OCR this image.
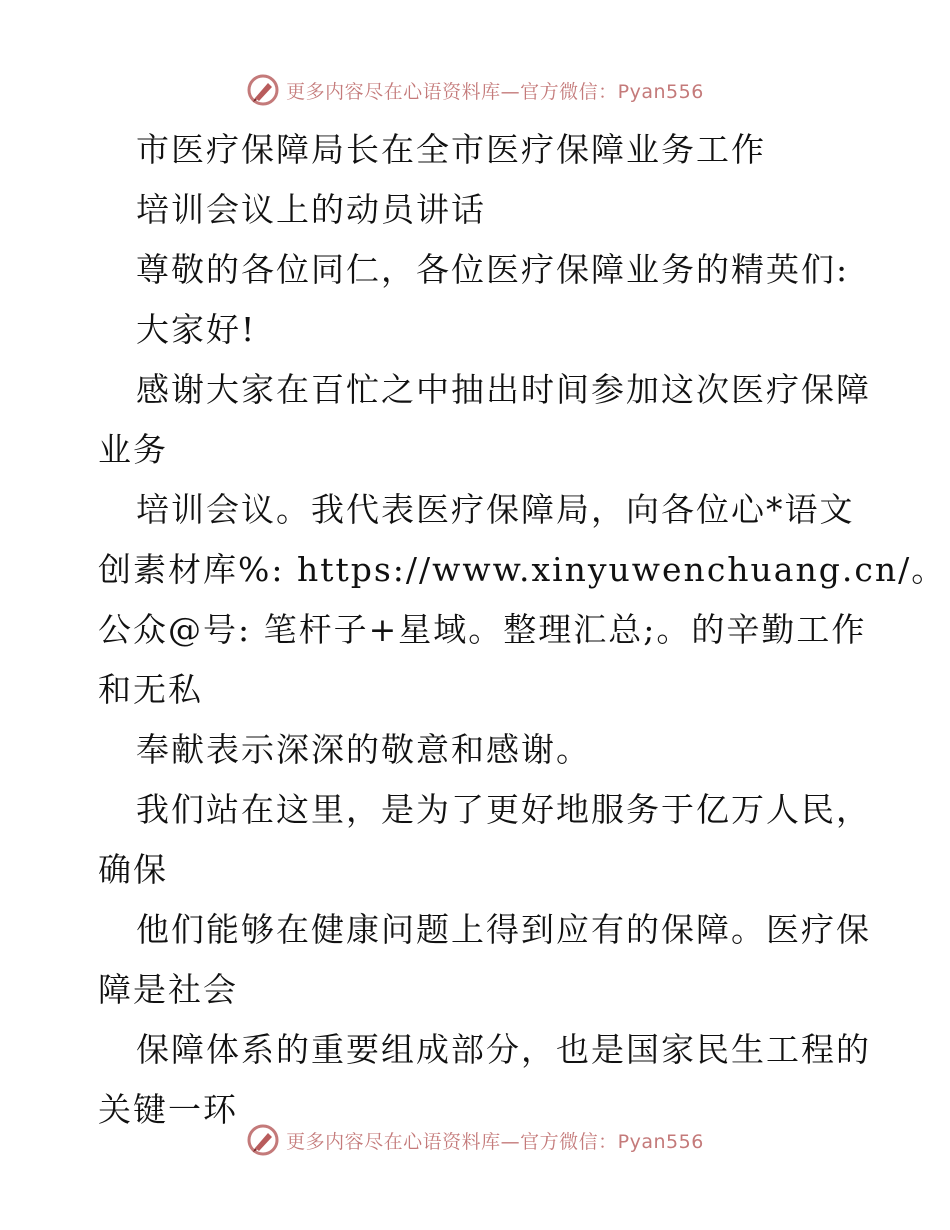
更多内容尽在心语资料库—官方微信：Pyan556
市医疗保障局长在全市医疗保障业务工作
培训会议上的动员讲话
尊敬的各位同仁，各位医疗保障业务的精英们:
大家好!
感谢大家在百忙之中抽出时间参加这次医疗保障
业务
培训会议。我代表医疗保障局，向各位心*语文
创素材库%: https://www.xinyuwenchuang.cn/。
公众@号: 笔杆子+星域。整理汇总;。的辛勤工作
和无私
奉献表示深深的敬意和感谢。
我们站在这里，是为了更好地服务于亿万人民，
确保
他们能够在健康问题上得到应有的保障。医疗保
障是社会
保障体系的重要组成部分，也是国家民生工程的
关键一环
更多内容尽在心语资料库—官方微信：Pyan556
